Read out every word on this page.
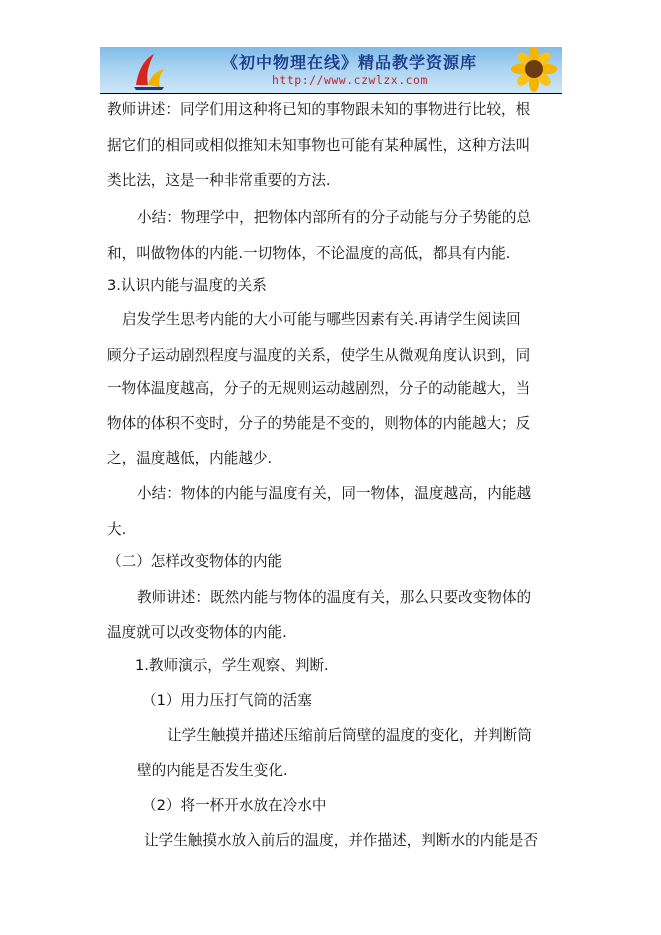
《初中物理在线》精品教学资源库
http://www.czwlzx.com
教师讲述：同学们用这种将已知的事物跟未知的事物进行比较，根
据它们的相同或相似推知未知事物也可能有某种属性，这种方法叫
类比法，这是一种非常重要的方法.
小结：物理学中，把物体内部所有的分子动能与分子势能的总
和，叫做物体的内能.一切物体，不论温度的高低，都具有内能.
3.认识内能与温度的关系
启发学生思考内能的大小可能与哪些因素有关.再请学生阅读回
顾分子运动剧烈程度与温度的关系，使学生从微观角度认识到，同
一物体温度越高，分子的无规则运动越剧烈，分子的动能越大，当
物体的体积不变时，分子的势能是不变的，则物体的内能越大；反
之，温度越低，内能越少.
小结：物体的内能与温度有关，同一物体，温度越高，内能越
大.
（二）怎样改变物体的内能
教师讲述：既然内能与物体的温度有关，那么只要改变物体的
温度就可以改变物体的内能.
1.教师演示，学生观察、判断.
（1）用力压打气筒的活塞
让学生触摸并描述压缩前后筒壁的温度的变化，并判断筒
壁的内能是否发生变化.
（2）将一杯开水放在冷水中
让学生触摸水放入前后的温度，并作描述，判断水的内能是否
